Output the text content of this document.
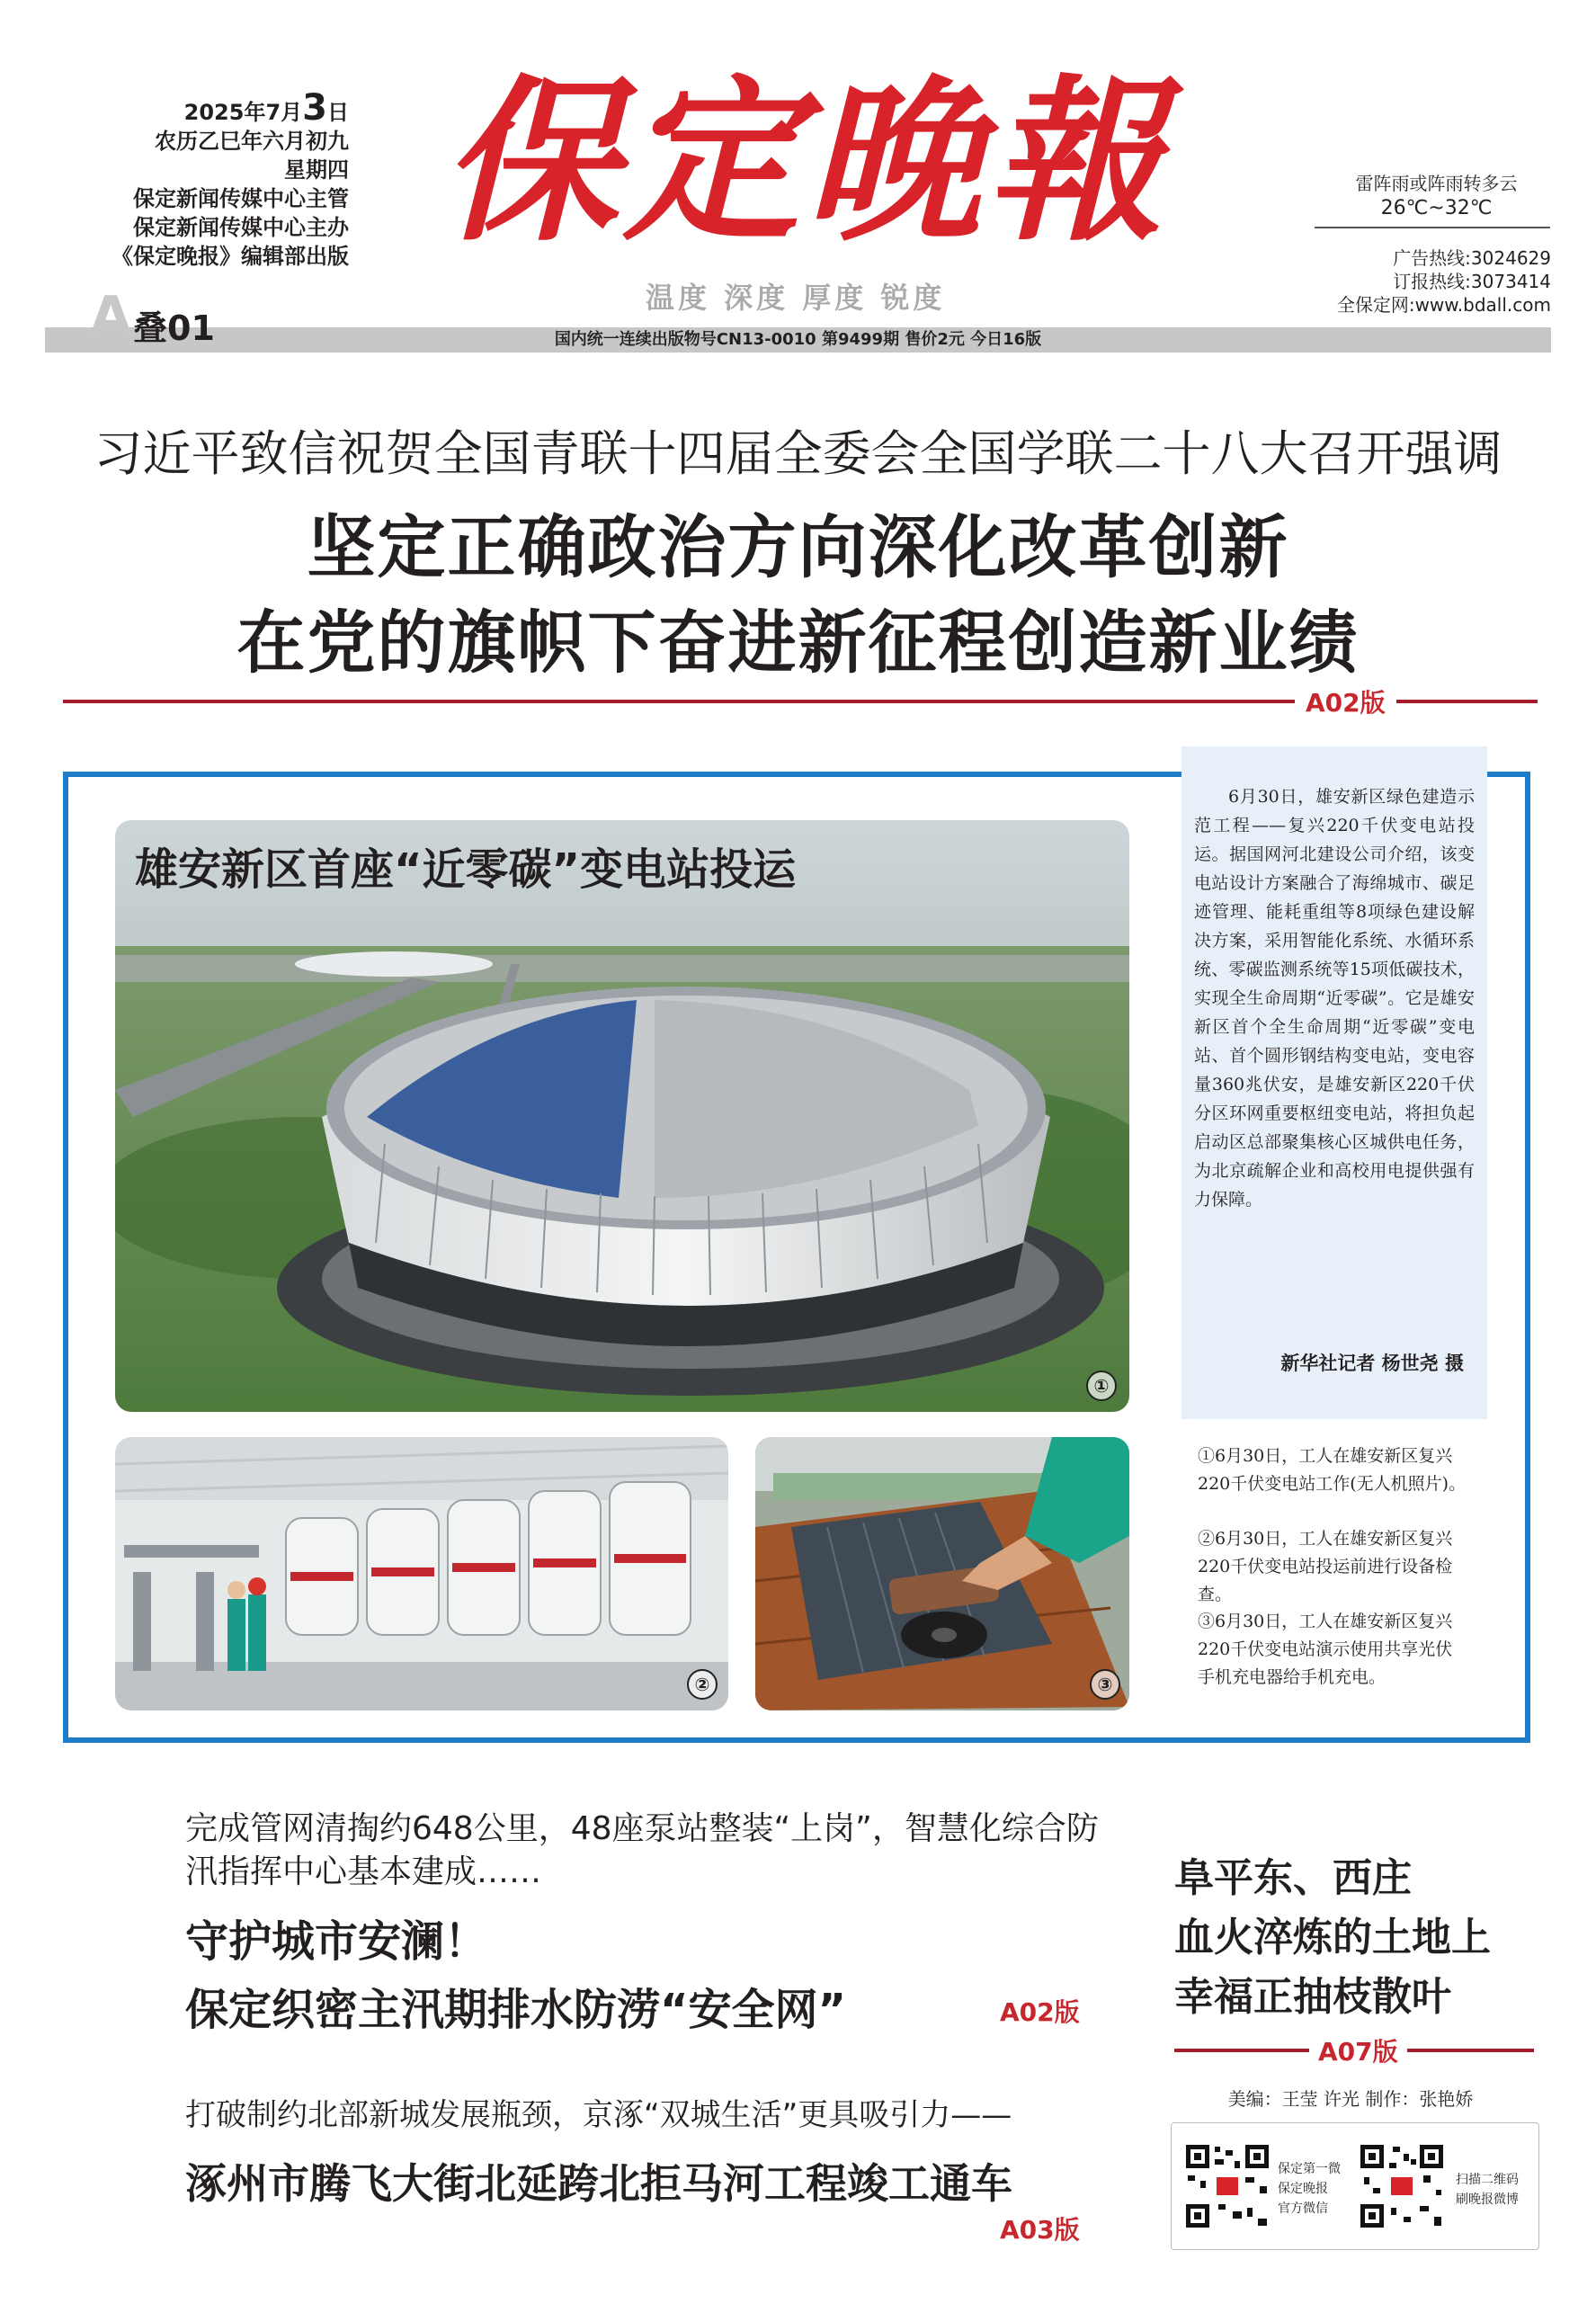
2025年7月3日
农历乙巳年六月初九
星期四
保定新闻传媒中心主管
保定新闻传媒中心主办
《保定晚报》编辑部出版 保定晚報
温度 深度 厚度 锐度
雷阵雨或阵雨转多云
26℃~32℃
广告热线:3024629
订报热线:3073414
全保定网:www.bdall.com
国内统一连续出版物号CN13-0010 第9499期 售价2元 今日16版
A 叠01
习近平致信祝贺全国青联十四届全委会全国学联二十八大召开强调
坚定正确政治方向深化改革创新
在党的旗帜下奋进新征程创造新业绩
A02版
①
雄安新区首座“近零碳”变电站投运
②	③
6月30日，雄安新区绿色建造示范工程——复兴220千伏变电站投运。据国网河北建设公司介绍，该变电站设计方案融合了海绵城市、碳足迹管理、能耗重组等8项绿色建设解决方案，采用智能化系统、水循环系统、零碳监测系统等15项低碳技术，实现全生命周期“近零碳”。它是雄安新区首个全生命周期“近零碳”变电站、首个圆形钢结构变电站，变电容量360兆伏安，是雄安新区220千伏分区环网重要枢纽变电站，将担负起启动区总部聚集核心区城供电任务，为北京疏解企业和高校用电提供强有力保障。
新华社记者 杨世尧 摄
①6月30日，工人在雄安新区复兴220千伏变电站工作(无人机照片)。
②6月30日，工人在雄安新区复兴220千伏变电站投运前进行设备检查。
③6月30日，工人在雄安新区复兴220千伏变电站演示使用共享光伏手机充电器给手机充电。
完成管网清掏约648公里，48座泵站整装“上岗”，智慧化综合防汛指挥中心基本建成……
守护城市安澜！
保定织密主汛期排水防涝“安全网”	A02版
打破制约北部新城发展瓶颈，京涿“双城生活”更具吸引力——
涿州市腾飞大街北延跨北拒马河工程竣工通车
A03版
阜平东、西庄
血火淬炼的土地上
幸福正抽枝散叶
A07版
美编：王莹 许光 制作：张艳娇
保定第一微
保定晚报
官方微信
扫描二维码
刷晚报微博
